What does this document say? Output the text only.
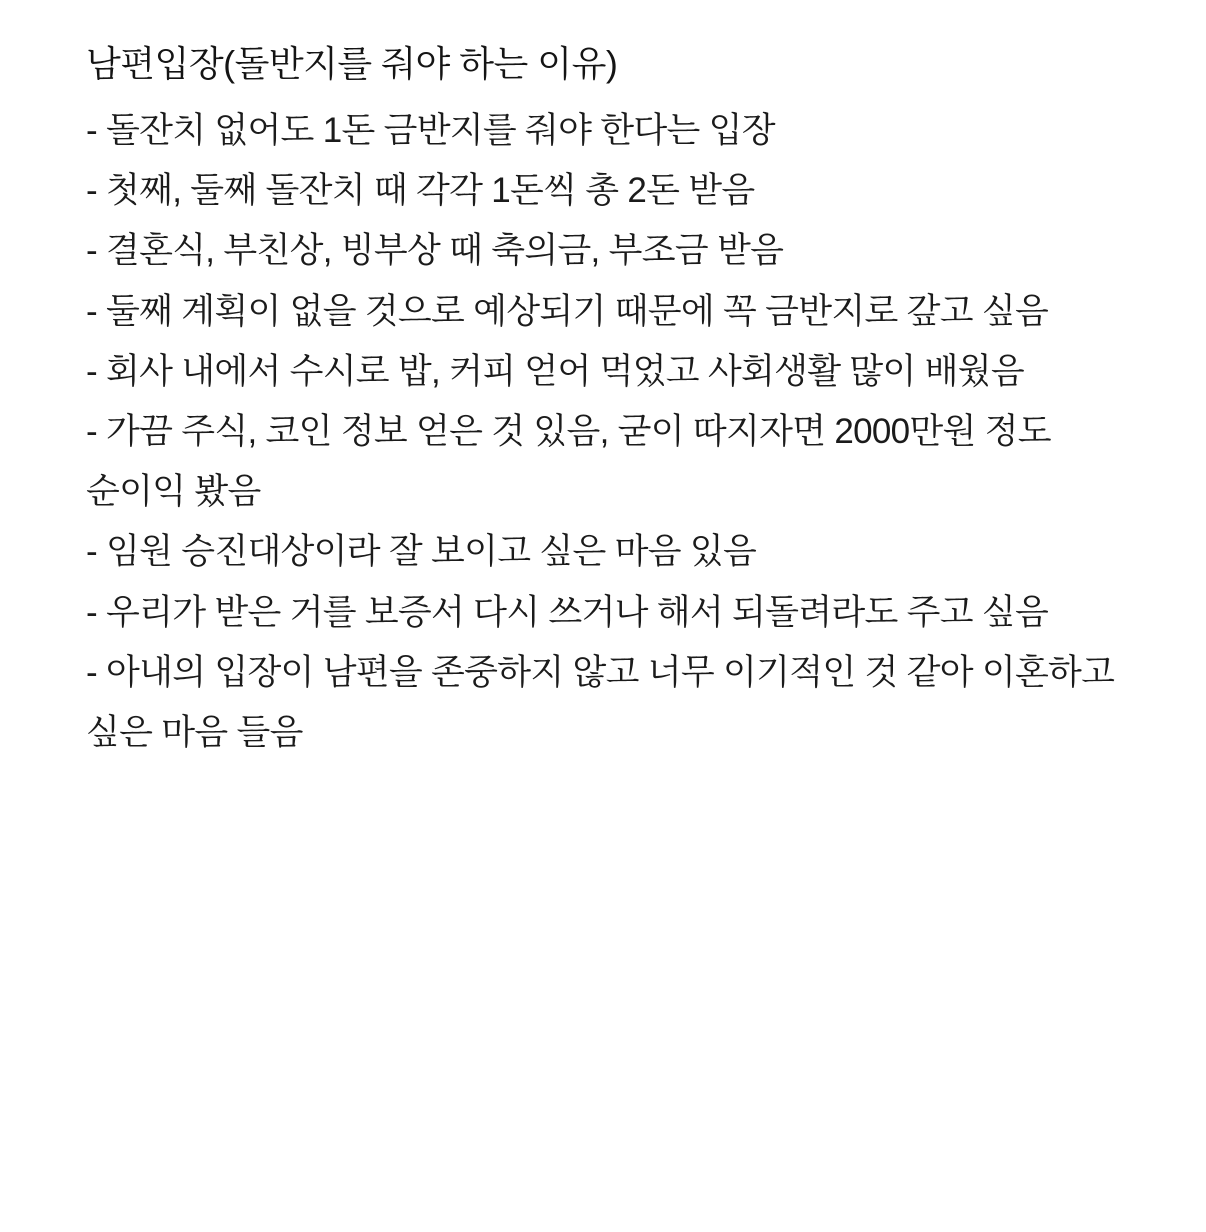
남편입장(돌반지를 줘야 하는 이유)

- 돌잔치 없어도 1돈 금반지를 줘야 한다는 입장

- 첫째, 둘째 돌잔치 때 각각 1돈씩 총 2돈 받음

- 결혼식, 부친상, 빙부상 때 축의금, 부조금 받음

- 둘째 계획이 없을 것으로 예상되기 때문에 꼭 금반지로 갚고 싶음

- 회사 내에서 수시로 밥, 커피 얻어 먹었고 사회생활 많이 배웠음

- 가끔 주식, 코인 정보 얻은 것 있음, 굳이 따지자면 2000만원 정도 순이익 봤음

- 임원 승진대상이라 잘 보이고 싶은 마음 있음

- 우리가 받은 거를 보증서 다시 쓰거나 해서 되돌려라도 주고 싶음

- 아내의 입장이 남편을 존중하지 않고 너무 이기적인 것 같아 이혼하고 싶은 마음 들음
